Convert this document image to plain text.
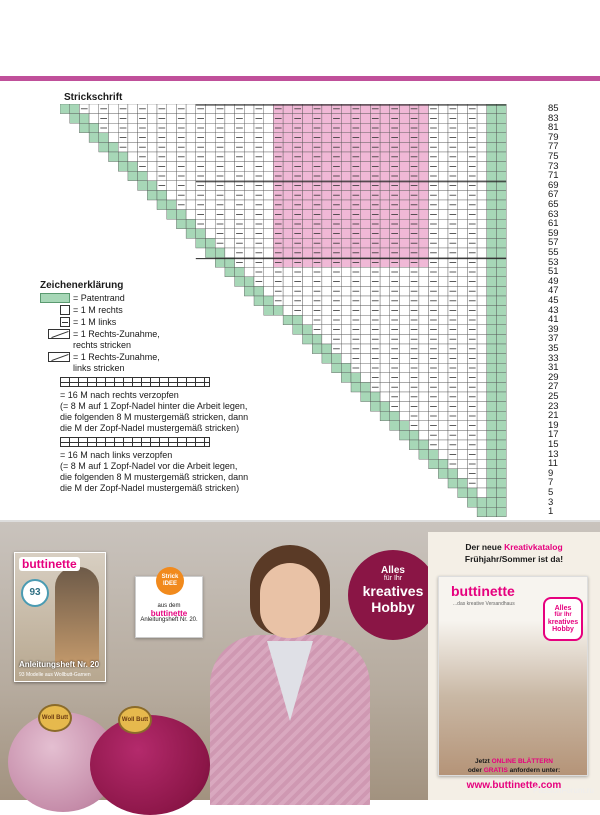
Strickschrift
85
83
81
79
77
75
73
71
69
67
65
63
61
59
57
55
53
51
49
47
45
43
41
39
37
35
33
31
29
27
25
23
21
19
17
15
13
11
9
7
5
3
1
Zeichenerklärung
= Patentrand
= 1 M rechts
= 1 M links
= 1 Rechts-Zunahme,
rechts stricken
= 1 Rechts-Zunahme,
links stricken
= 16 M nach rechts verzopfen
(= 8 M auf 1 Zopf-Nadel hinter die Arbeit legen,
die folgenden 8 M mustergemäß stricken, dann
die M der Zopf-Nadel mustergemäß stricken)
= 16 M nach links verzopfen
(= 8 M auf 1 Zopf-Nadel vor die Arbeit legen,
die folgenden 8 M mustergemäß stricken, dann
die M der Zopf-Nadel mustergemäß stricken)
buttinette
93
Anleitungsheft Nr. 20
93 Modelle aus Wollbutt-Garnen
Woll Butt	Woll Butt
Strick
IDEE
aus dem
buttinette
Anleitungsheft Nr. 20.
Alles
für Ihr
kreatives
Hobby
Der neue Kreativkatalog
Frühjahr/Sommer ist da!
buttinette
...das kreative Versandhaus
Alles
für Ihr
kreatives
Hobby
Jetzt ONLINE BLÄTTERN
oder GRATIS anfordern unter:
www.buttinette.com
PassionForum.ru
